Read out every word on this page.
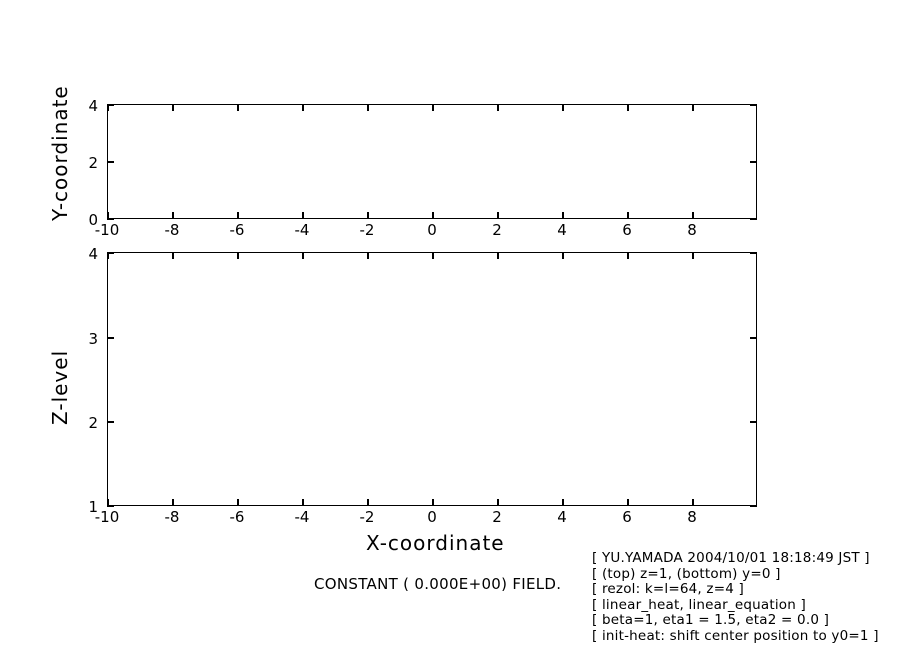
-10	-8	-6	-4	-2	0	2	4	6	8
0
2
4
Y-coordinate
-10	-8	-6	-4	-2	0	2	4	6	8
1
2
3
4
Z-level
X-coordinate
CONSTANT ( 0.000E+00) FIELD.
[ YU.YAMADA 2004/10/01 18:18:49 JST ]
[ (top) z=1, (bottom) y=0 ]
[ rezol: k=l=64, z=4 ]
[ linear_heat, linear_equation ]
[ beta=1, eta1 = 1.5, eta2 = 0.0 ]
[ init-heat: shift center position to y0=1 ]
